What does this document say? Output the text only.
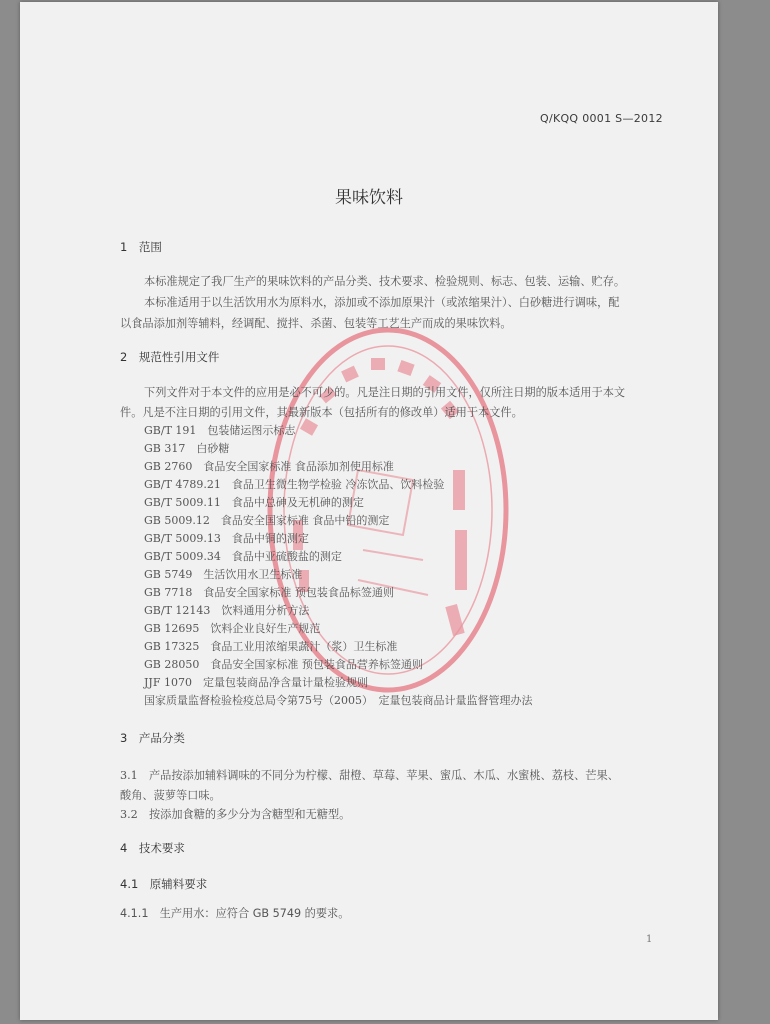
Q/KQQ 0001 S—2012
果味饮料
1　范围
本标准规定了我厂生产的果味饮料的产品分类、技术要求、检验规则、标志、包装、运输、贮存。
本标准适用于以生活饮用水为原料水，添加或不添加原果汁（或浓缩果汁）、白砂糖进行调味，配
以食品添加剂等辅料，经调配、搅拌、杀菌、包装等工艺生产而成的果味饮料。
2　规范性引用文件
下列文件对于本文件的应用是必不可少的。凡是注日期的引用文件，仅所注日期的版本适用于本文
件。凡是不注日期的引用文件，其最新版本（包括所有的修改单）适用于本文件。
GB/T 191　包装储运图示标志
GB 317　白砂糖
GB 2760　食品安全国家标准 食品添加剂使用标准
GB/T 4789.21　食品卫生微生物学检验 冷冻饮品、饮料检验
GB/T 5009.11　食品中总砷及无机砷的测定
GB 5009.12　食品安全国家标准 食品中铅的测定
GB/T 5009.13　食品中铜的测定
GB/T 5009.34　食品中亚硫酸盐的测定
GB 5749　生活饮用水卫生标准
GB 7718　食品安全国家标准 预包装食品标签通则
GB/T 12143　饮料通用分析方法
GB 12695　饮料企业良好生产规范
GB 17325　食品工业用浓缩果蔬汁（浆）卫生标准
GB 28050　食品安全国家标准 预包装食品营养标签通则
JJF 1070　定量包装商品净含量计量检验规则
国家质量监督检验检疫总局令第75号（2005）　定量包装商品计量监督管理办法
3　产品分类
3.1　产品按添加辅料调味的不同分为柠檬、甜橙、草莓、苹果、蜜瓜、木瓜、水蜜桃、荔枝、芒果、
酸角、菠萝等口味。
3.2　按添加食糖的多少分为含糖型和无糖型。
4　技术要求
4.1　原辅料要求
4.1.1　生产用水：应符合 GB 5749 的要求。
1
